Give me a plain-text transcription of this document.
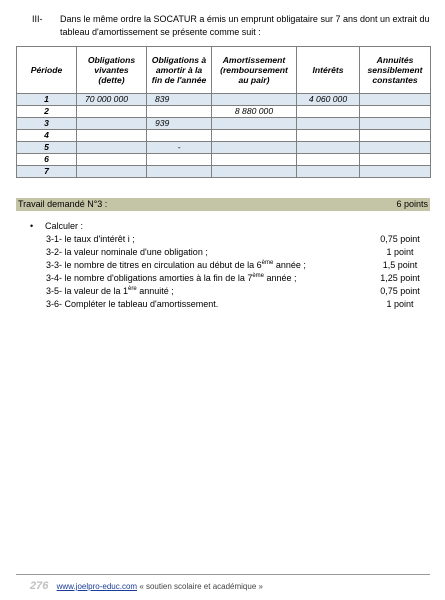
III- Dans le même ordre la SOCATUR a émis un emprunt obligataire sur 7 ans dont un extrait du tableau d'amortissement se présente comme suit :
Période	Obligations vivantes (dette)	Obligations à amortir à la fin de l'année	Amortissement (remboursement au pair)	Intérêts	Annuités sensiblement constantes
1	70 000 000	839		4 060 000	
2			8 880 000		
3		939			
4					
5		-			
6					
7					
Travail demandé N°3 :	6 points
• Calculer :
3-1- le taux d'intérêt i ;	0,75 point
3-2- la valeur nominale d'une obligation ;	1 point
3-3- le nombre de titres en circulation au début de la 6ème année ;	1,5 point
3-4- le nombre d'obligations amorties à la fin de la 7ème année ;	1,25 point
3-5- la valeur de la 1ère annuité ;	0,75 point
3-6- Compléter le tableau d'amortissement.	1 point
276 www.joelpro-educ.com « soutien scolaire et académique »
